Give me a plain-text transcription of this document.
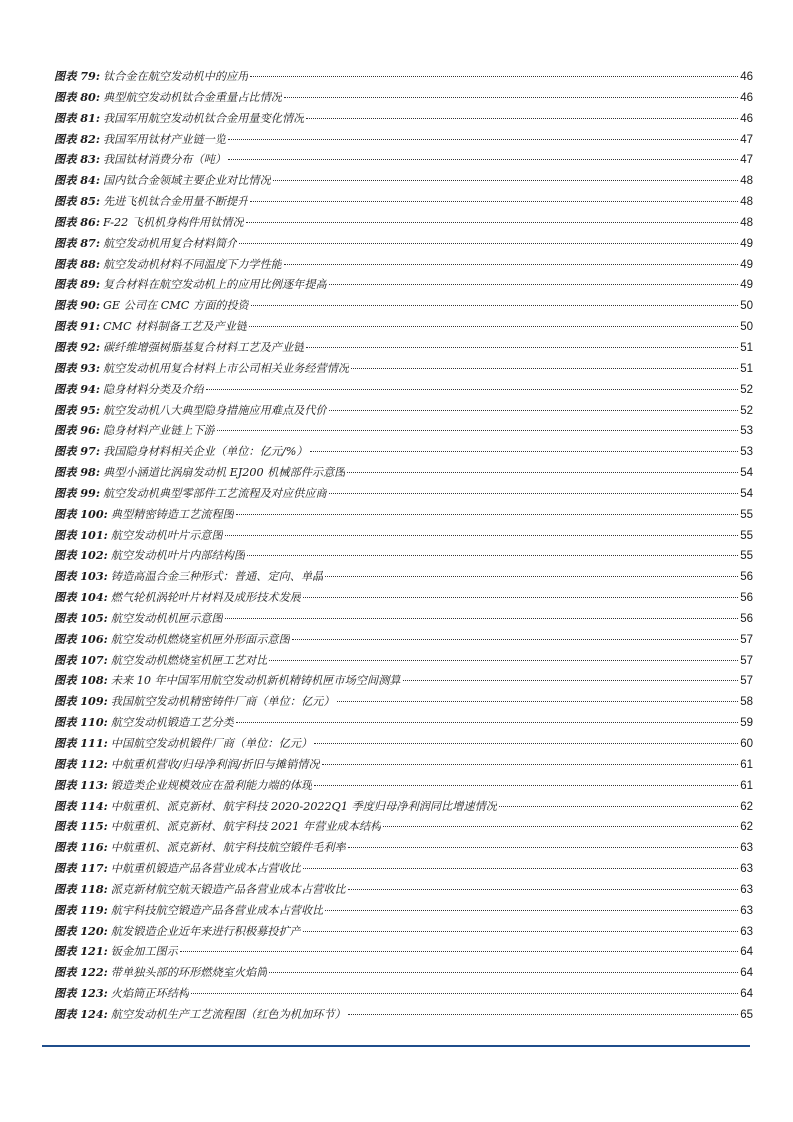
图表 79: 钛合金在航空发动机中的应用	46
图表 80: 典型航空发动机钛合金重量占比情况	46
图表 81: 我国军用航空发动机钛合金用量变化情况	46
图表 82: 我国军用钛材产业链一览	47
图表 83: 我国钛材消费分布（吨）	47
图表 84: 国内钛合金领域主要企业对比情况	48
图表 85: 先进飞机钛合金用量不断提升	48
图表 86: F-22 飞机机身构件用钛情况	48
图表 87: 航空发动机用复合材料简介	49
图表 88: 航空发动机材料不同温度下力学性能	49
图表 89: 复合材料在航空发动机上的应用比例逐年提高	49
图表 90: GE 公司在 CMC 方面的投资	50
图表 91: CMC 材料制备工艺及产业链	50
图表 92: 碳纤维增强树脂基复合材料工艺及产业链	51
图表 93: 航空发动机用复合材料上市公司相关业务经营情况	51
图表 94: 隐身材料分类及介绍	52
图表 95: 航空发动机八大典型隐身措施应用难点及代价	52
图表 96: 隐身材料产业链上下游	53
图表 97: 我国隐身材料相关企业（单位：亿元/%）	53
图表 98: 典型小涵道比涡扇发动机 EJ200 机械部件示意图	54
图表 99: 航空发动机典型零部件工艺流程及对应供应商	54
图表 100: 典型精密铸造工艺流程图	55
图表 101: 航空发动机叶片示意图	55
图表 102: 航空发动机叶片内部结构图	55
图表 103: 铸造高温合金三种形式：普通、定向、单晶	56
图表 104: 燃气轮机涡轮叶片材料及成形技术发展	56
图表 105: 航空发动机机匣示意图	56
图表 106: 航空发动机燃烧室机匣外形面示意图	57
图表 107: 航空发动机燃烧室机匣工艺对比	57
图表 108: 未来 10 年中国军用航空发动机新机精铸机匣市场空间测算	57
图表 109: 我国航空发动机精密铸件厂商（单位：亿元）	58
图表 110: 航空发动机锻造工艺分类	59
图表 111: 中国航空发动机锻件厂商（单位：亿元）	60
图表 112: 中航重机营收/归母净利润/折旧与摊销情况	61
图表 113: 锻造类企业规模效应在盈利能力端的体现	61
图表 114: 中航重机、派克新材、航宇科技 2020-2022Q1 季度归母净利润同比增速情况	62
图表 115: 中航重机、派克新材、航宇科技 2021 年营业成本结构	62
图表 116: 中航重机、派克新材、航宇科技航空锻件毛利率	63
图表 117: 中航重机锻造产品各营业成本占营收比	63
图表 118: 派克新材航空航天锻造产品各营业成本占营收比	63
图表 119: 航宇科技航空锻造产品各营业成本占营收比	63
图表 120: 航发锻造企业近年来进行积极募投扩产	63
图表 121: 钣金加工图示	64
图表 122: 带单独头部的环形燃烧室火焰筒	64
图表 123: 火焰筒正环结构	64
图表 124: 航空发动机生产工艺流程图（红色为机加环节）	65
